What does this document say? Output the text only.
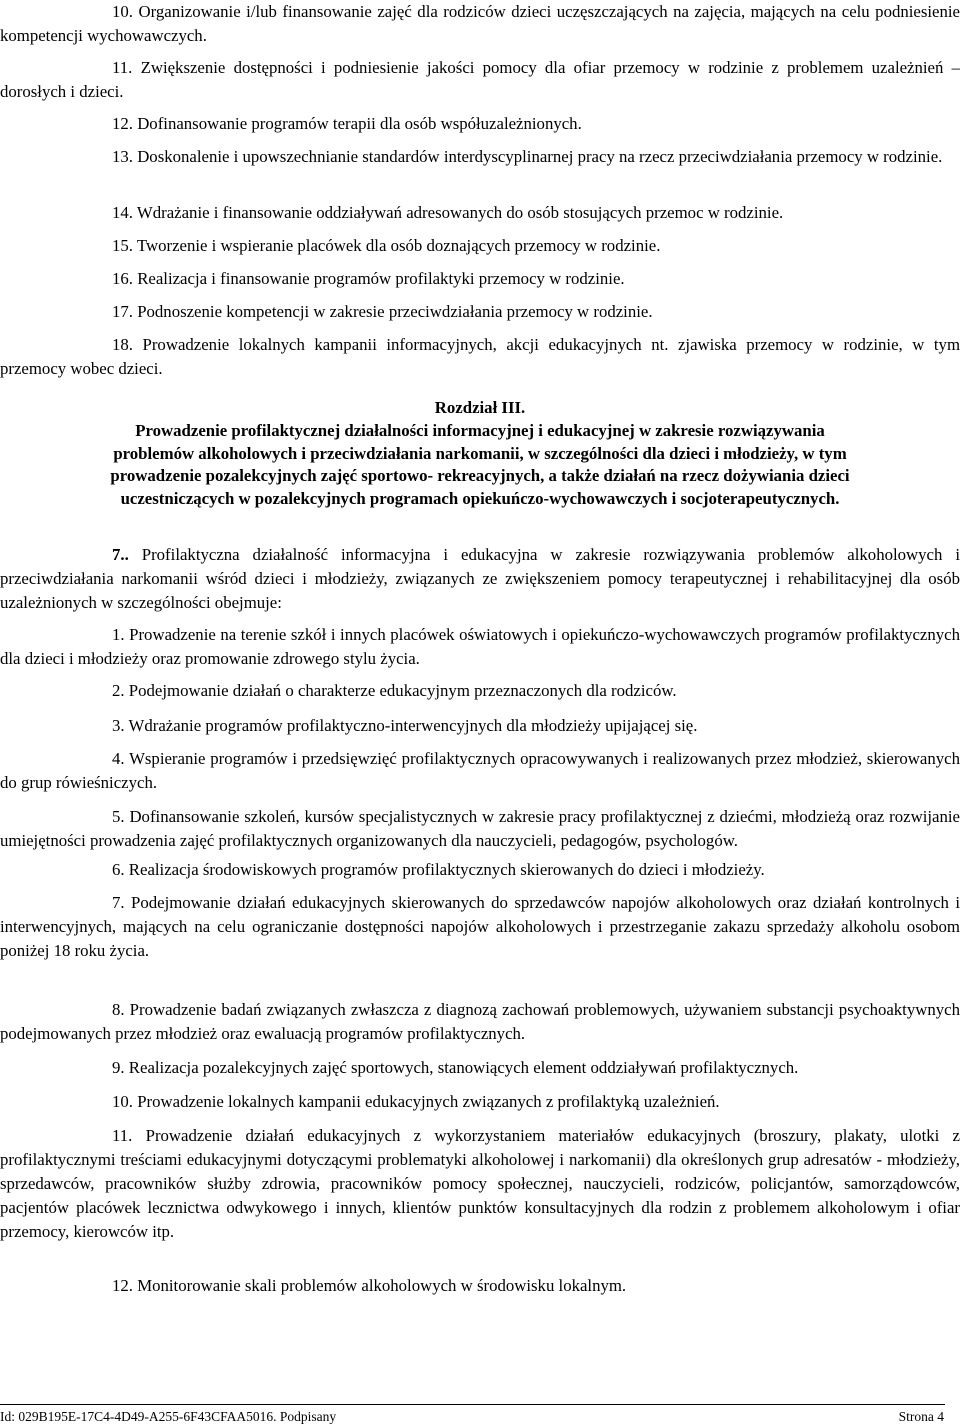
10. Organizowanie i/lub finansowanie zajęć dla rodziców dzieci uczęszczających na zajęcia, mających na celu podniesienie kompetencji wychowawczych.

11. Zwiększenie dostępności i podniesienie jakości pomocy dla ofiar przemocy w rodzinie z problemem uzależnień – dorosłych i dzieci.

12. Dofinansowanie programów terapii dla osób współuzależnionych.

13. Doskonalenie i upowszechnianie standardów interdyscyplinarnej pracy na rzecz przeciwdziałania przemocy w rodzinie.

14. Wdrażanie i finansowanie oddziaływań adresowanych do osób stosujących przemoc w rodzinie.

15. Tworzenie i wspieranie placówek dla osób doznających przemocy w rodzinie.

16. Realizacja i finansowanie programów profilaktyki przemocy w rodzinie.

17. Podnoszenie kompetencji w zakresie przeciwdziałania przemocy w rodzinie.

18. Prowadzenie lokalnych kampanii informacyjnych, akcji edukacyjnych nt. zjawiska przemocy w rodzinie, w tym przemocy wobec dzieci.

Rozdział III.

Prowadzenie profilaktycznej działalności informacyjnej i edukacyjnej w zakresie rozwiązywania problemów alkoholowych i przeciwdziałania narkomanii, w szczególności dla dzieci i młodzieży, w tym prowadzenie pozalekcyjnych zajęć sportowo- rekreacyjnych, a także działań na rzecz dożywiania dzieci uczestniczących w pozalekcyjnych programach opiekuńczo-wychowawczych i socjoterapeutycznych.

7.. Profilaktyczna działalność informacyjna i edukacyjna w zakresie rozwiązywania problemów alkoholowych i przeciwdziałania narkomanii wśród dzieci i młodzieży, związanych ze zwiększeniem pomocy terapeutycznej i rehabilitacyjnej dla osób uzależnionych w szczególności obejmuje:

1. Prowadzenie na terenie szkół i innych placówek oświatowych i opiekuńczo-wychowawczych programów profilaktycznych dla dzieci i młodzieży oraz promowanie zdrowego stylu życia.

2. Podejmowanie działań o charakterze edukacyjnym przeznaczonych dla rodziców.

3. Wdrażanie programów profilaktyczno-interwencyjnych dla młodzieży upijającej się.

4. Wspieranie programów i przedsięwzięć profilaktycznych opracowywanych i realizowanych przez młodzież, skierowanych do grup rówieśniczych.

5. Dofinansowanie szkoleń, kursów specjalistycznych w zakresie pracy profilaktycznej z dziećmi, młodzieżą oraz rozwijanie umiejętności prowadzenia zajęć profilaktycznych organizowanych dla nauczycieli, pedagogów, psychologów.

6. Realizacja środowiskowych programów profilaktycznych skierowanych do dzieci i młodzieży.

7. Podejmowanie działań edukacyjnych skierowanych do sprzedawców napojów alkoholowych oraz działań kontrolnych i interwencyjnych, mających na celu ograniczanie dostępności napojów alkoholowych i przestrzeganie zakazu sprzedaży alkoholu osobom poniżej 18 roku życia.

8. Prowadzenie badań związanych zwłaszcza z diagnozą zachowań problemowych, używaniem substancji psychoaktywnych podejmowanych przez młodzież oraz ewaluacją programów profilaktycznych.

9. Realizacja pozalekcyjnych zajęć sportowych, stanowiących element oddziaływań profilaktycznych.

10. Prowadzenie lokalnych kampanii edukacyjnych związanych z profilaktyką uzależnień.

11. Prowadzenie działań edukacyjnych z wykorzystaniem materiałów edukacyjnych (broszury, plakaty, ulotki z profilaktycznymi treściami edukacyjnymi dotyczącymi problematyki alkoholowej i narkomanii) dla określonych grup adresatów - młodzieży, sprzedawców, pracowników służby zdrowia, pracowników pomocy społecznej, nauczycieli, rodziców, policjantów, samorządowców, pacjentów placówek lecznictwa odwykowego i innych, klientów punktów konsultacyjnych dla rodzin z problemem alkoholowym i ofiar przemocy, kierowców itp.

12. Monitorowanie skali problemów alkoholowych w środowisku lokalnym.

Id: 029B195E-17C4-4D49-A255-6F43CFAA5016. Podpisany	Strona 4
